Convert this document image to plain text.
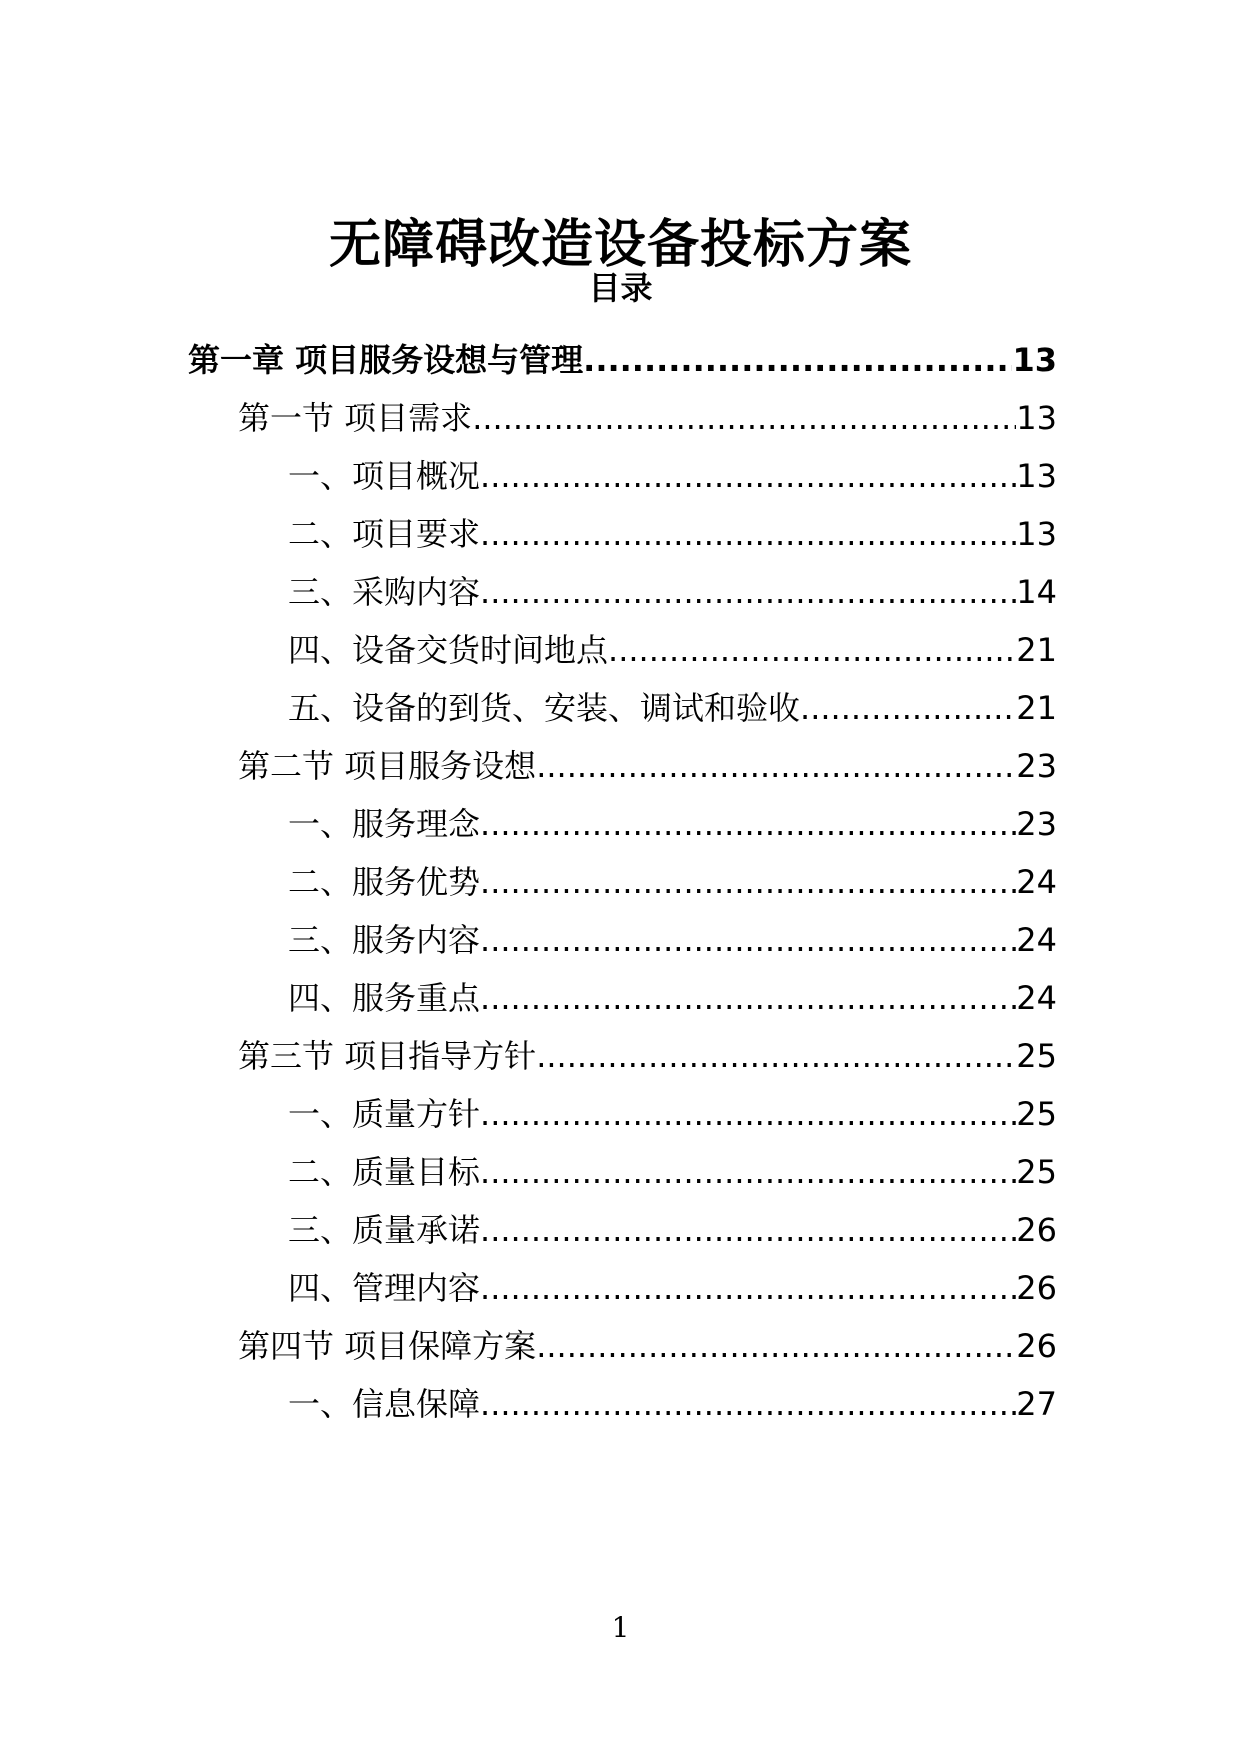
无障碍改造设备投标方案
目录
第一章 项目服务设想与管理 .....	13
第一节 项目需求 .....	13
一、项目概况 .....	13
二、项目要求 .....	13
三、采购内容 .....	14
四、设备交货时间地点 .....	21
五、设备的到货、安装、调试和验收 .....	21
第二节 项目服务设想 .....	23
一、服务理念 .....	23
二、服务优势 .....	24
三、服务内容 .....	24
四、服务重点 .....	24
第三节 项目指导方针 .....	25
一、质量方针 .....	25
二、质量目标 .....	25
三、质量承诺 .....	26
四、管理内容 .....	26
第四节 项目保障方案 .....	26
一、信息保障 .....	27
1
